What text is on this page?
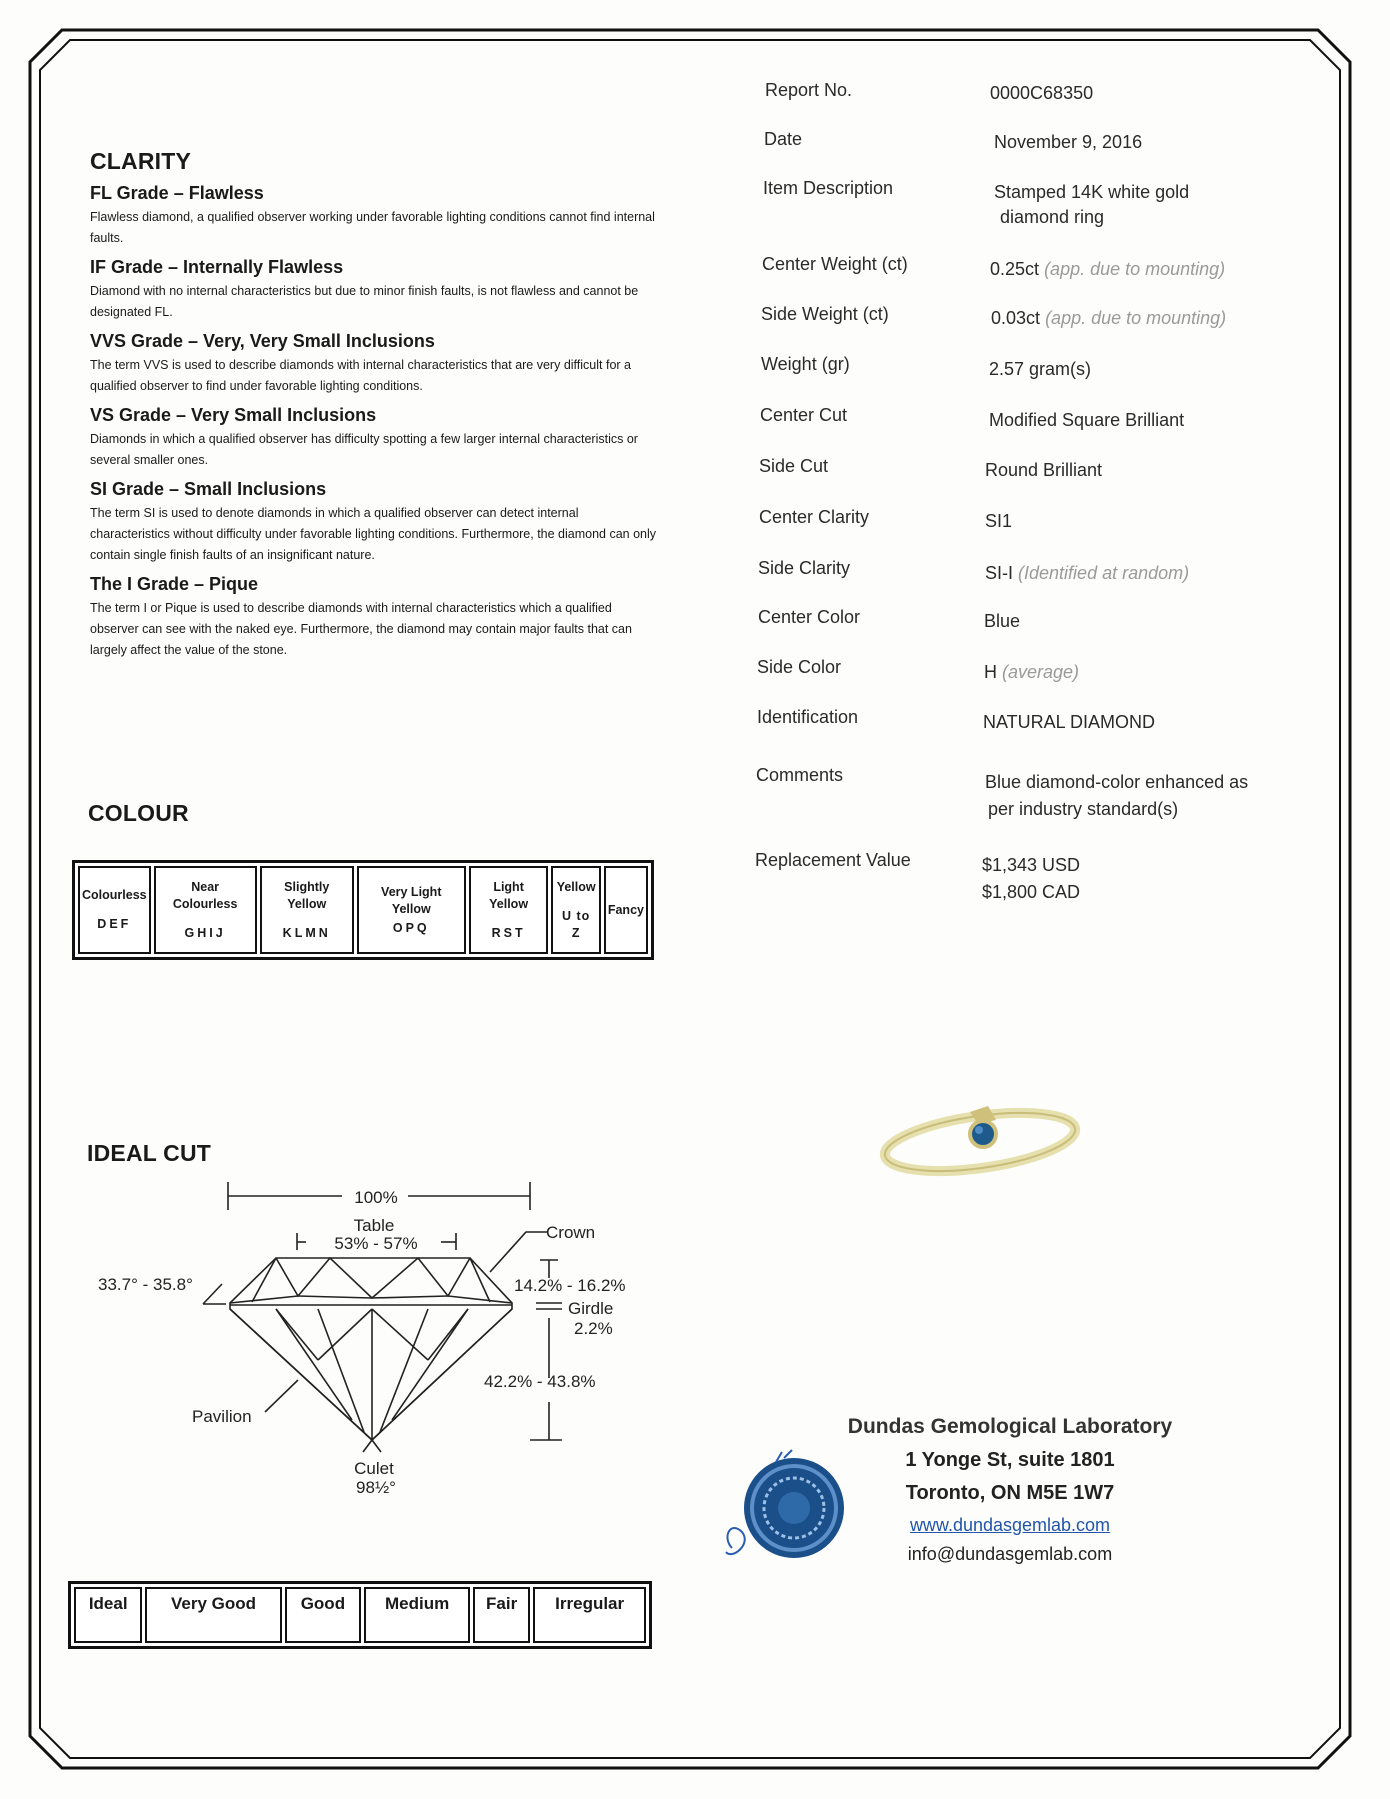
CLARITY
FL Grade – Flawless

Flawless diamond, a qualified observer working under favorable lighting conditions cannot find internal faults.

IF Grade – Internally Flawless

Diamond with no internal characteristics but due to minor finish faults, is not flawless and cannot be designated FL.

VVS Grade – Very, Very Small Inclusions

The term VVS is used to describe diamonds with internal characteristics that are very difficult for a qualified observer to find under favorable lighting conditions.

VS Grade – Very Small Inclusions

Diamonds in which a qualified observer has difficulty spotting a few larger internal characteristics or several smaller ones.

SI Grade – Small Inclusions

The term SI is used to denote diamonds in which a qualified observer can detect internal characteristics without difficulty under favorable lighting conditions. Furthermore, the diamond can only contain single finish faults of an insignificant nature.

The I Grade – Pique

The term I or Pique is used to describe diamonds with internal characteristics which a qualified observer can see with the naked eye. Furthermore, the diamond may contain major faults that can largely affect the value of the stone.

COLOUR
Colourless
DEF
	Near Colourless
GHIJ
	Slightly Yellow
KLMN
	Very Light Yellow
OPQ
	Light Yellow
RST
	Yellow
U to Z
	Fancy
IDEAL CUT
100%
Table
53% - 57%
Crown
33.7° - 35.8°	14.2% - 16.2%
Girdle
2.2%
42.2% - 43.8%
Pavilion
Culet
98½°
Ideal	Very Good	Good	Medium	Fair	Irregular
Report No.	0000C68350
Date	November 9, 2016
Item Description	Stamped 14K white gold
diamond ring
Center Weight (ct)	0.25ct (app. due to mounting)
Side Weight (ct)	0.03ct (app. due to mounting)
Weight (gr)	2.57 gram(s)
Center Cut	Modified Square Brilliant
Side Cut	Round Brilliant
Center Clarity	SI1
Side Clarity	SI-I (Identified at random)
Center Color	Blue
Side Color	H (average)
Identification	NATURAL DIAMOND
Comments	Blue diamond-color enhanced as
per industry standard(s)
Replacement Value	$1,343 USD
$1,800 CAD
Dundas Gemological Laboratory
1 Yonge St, suite 1801
Toronto, ON M5E 1W7
www.dundasgemlab.com
info@dundasgemlab.com
